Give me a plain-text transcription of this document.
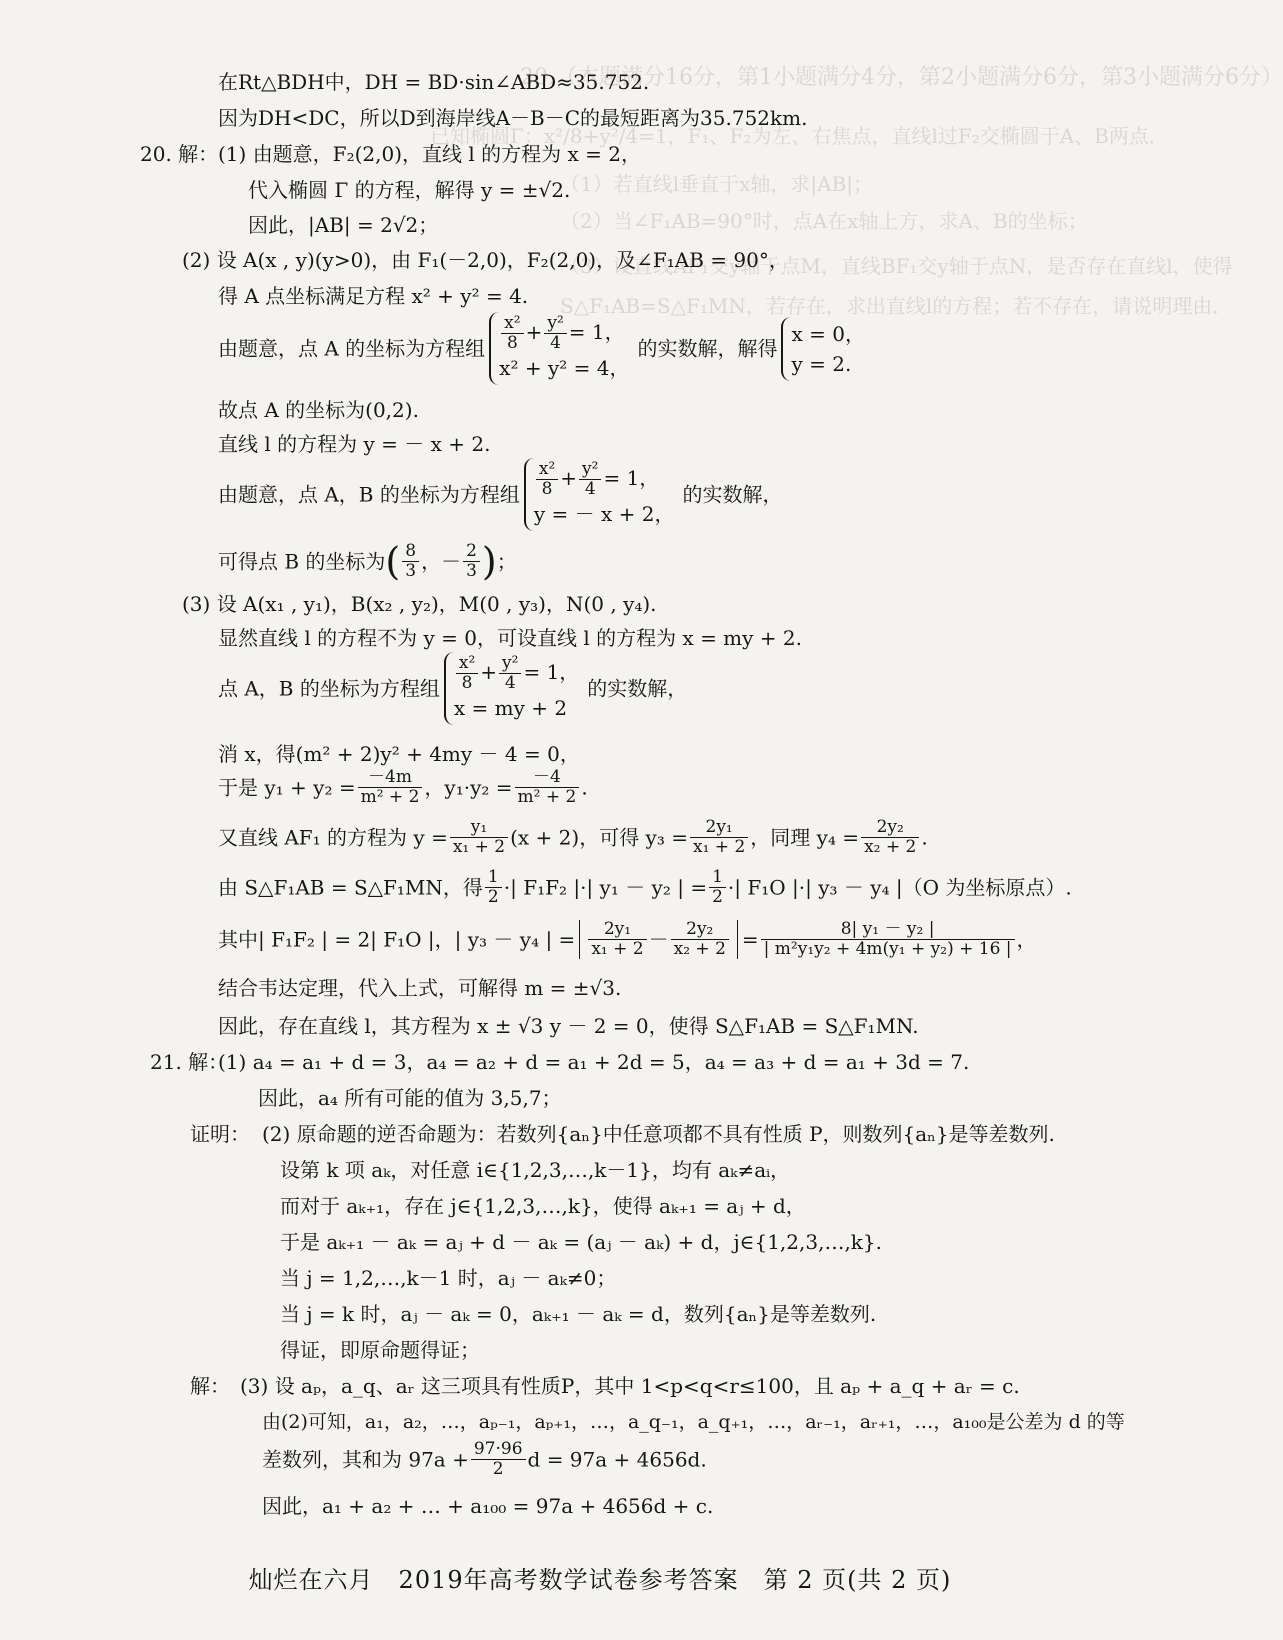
20.（本题满分16分，第1小题满分4分，第2小题满分6分，第3小题满分6分）
已知椭圆Γ：x²/8+y²/4=1，F₁、F₂为左、右焦点，直线l过F₂交椭圆于A、B两点．
（1）若直线l垂直于x轴，求|AB|；
（2）当∠F₁AB=90°时，点A在x轴上方，求A、B的坐标；
（3）设直线AF₁交y轴于点M，直线BF₁交y轴于点N，是否存在直线l，使得
S△F₁AB=S△F₁MN，若存在，求出直线l的方程；若不存在，请说明理由．
在Rt△BDH中，DH = BD·sin∠ABD≈35.752.
因为DH<DC，所以D到海岸线A－B－C的最短距离为35.752km.
20. 解： (1) 由题意，F₂(2,0)，直线 l 的方程为 x = 2，
代入椭圆 Γ 的方程，解得 y = ±√2.
因此，|AB| = 2√2；
(2) 设 A(x , y)(y>0)，由 F₁(－2,0)，F₂(2,0)，及∠F₁AB = 90°，
得 A 点坐标满足方程 x² + y² = 4.
由题意，点 A 的坐标为方程组 $\frac{\text{x²}}{8} + \frac{\text{y²}}{4} = 1$，
x² + y² = 4，
的实数解，解得
x = 0，
y = 2.
故点 A 的坐标为(0,2).
直线 l 的方程为 y = － x + 2.
由题意，点 A，B 的坐标为方程组 $\frac{\text{x²}}{8} + \frac{\text{y²}}{4} = 1$，
y = － x + 2，
的实数解，
可得点 B 的坐标为( $\frac{8}{3}$ ，－ $\frac{2}{3}$ )；
(3) 设 A(x₁ , y₁)，B(x₂ , y₂)，M(0 , y₃)，N(0 , y₄).
显然直线 l 的方程不为 y = 0，可设直线 l 的方程为 x = my + 2.
点 A，B 的坐标为方程组 $\frac{\text{x²}}{8} + \frac{\text{y²}}{4} = 1$，
x = my + 2
的实数解，
消 x，得(m² + 2)y² + 4my － 4 = 0，
于是 $y_1 + y_2 = \frac{-4m}{\text{m² + 2}}$ ，$y_1\cdot y_2 = \frac{-4}{\text{m² + 2}}$ .
又直线 AF₁ 的方程为 $y = \frac{\text{y₁}}{\text{x₁ + 2}} (x + 2)$，可得 $y_3 = \frac{\text{2y₁}}{\text{x₁ + 2}}$ ，同理 $y_4 = \frac{\text{2y₂}}{\text{x₂ + 2}}$ .
由 S△F₁AB = S△F₁MN，得 $\frac{1}{2}$ ·| F₁F₂ |·| y₁ － y₂ | = $\frac{1}{2}$ ·| F₁O |·| y₃ － y₄ |（O 为坐标原点）.
其中| F₁F₂ | = 2| F₁O |，| y₃ － y₄ | = $\frac{\text{2y₁}}{\text{x₁ + 2}} - \frac{\text{2y₂}}{\text{x₂ + 2}} = \frac{\text{8| y₁ － y₂ |}}{\text{| m²y₁y₂ + 4m(y₁ + y₂) + 16 |}}$ ，
结合韦达定理，代入上式，可解得 m = ±√3.
因此，存在直线 l，其方程为 x ± √3 y － 2 = 0，使得 S△F₁AB = S△F₁MN.
21. 解：
(1) a₄ = a₁ + d = 3，a₄ = a₂ + d = a₁ + 2d = 5，a₄ = a₃ + d = a₁ + 3d = 7.
因此，a₄ 所有可能的值为 3,5,7；
证明： (2) 原命题的逆否命题为：若数列{aₙ}中任意项都不具有性质 P，则数列{aₙ}是等差数列.
设第 k 项 aₖ，对任意 i∈{1,2,3,…,k－1}，均有 aₖ≠aᵢ，
而对于 aₖ₊₁，存在 j∈{1,2,3,…,k}，使得 aₖ₊₁ = aⱼ + d，
于是 aₖ₊₁ － aₖ = aⱼ + d － aₖ = (aⱼ － aₖ) + d，j∈{1,2,3,…,k}.
当 j = 1,2,…,k－1 时，aⱼ － aₖ≠0；
当 j = k 时，aⱼ － aₖ = 0，aₖ₊₁ － aₖ = d，数列{aₙ}是等差数列.
得证，即原命题得证；
解： (3) 设 aₚ，a_q、aᵣ 这三项具有性质P，其中 1<p<q<r≤100，且 aₚ + a_q + aᵣ = c.
由(2)可知，a₁，a₂，…，aₚ₋₁，aₚ₊₁，…，a_q₋₁，a_q₊₁，…，aᵣ₋₁，aᵣ₊₁，…，a₁₀₀是公差为 d 的等
差数列，其和为 $97a + \frac{97\cdot 96}{2}$ d = 97a + 4656d.
因此，a₁ + a₂ + … + a₁₀₀ = 97a + 4656d + c.
灿烂在六月　2019年高考数学试卷参考答案　第 2 页(共 2 页)
